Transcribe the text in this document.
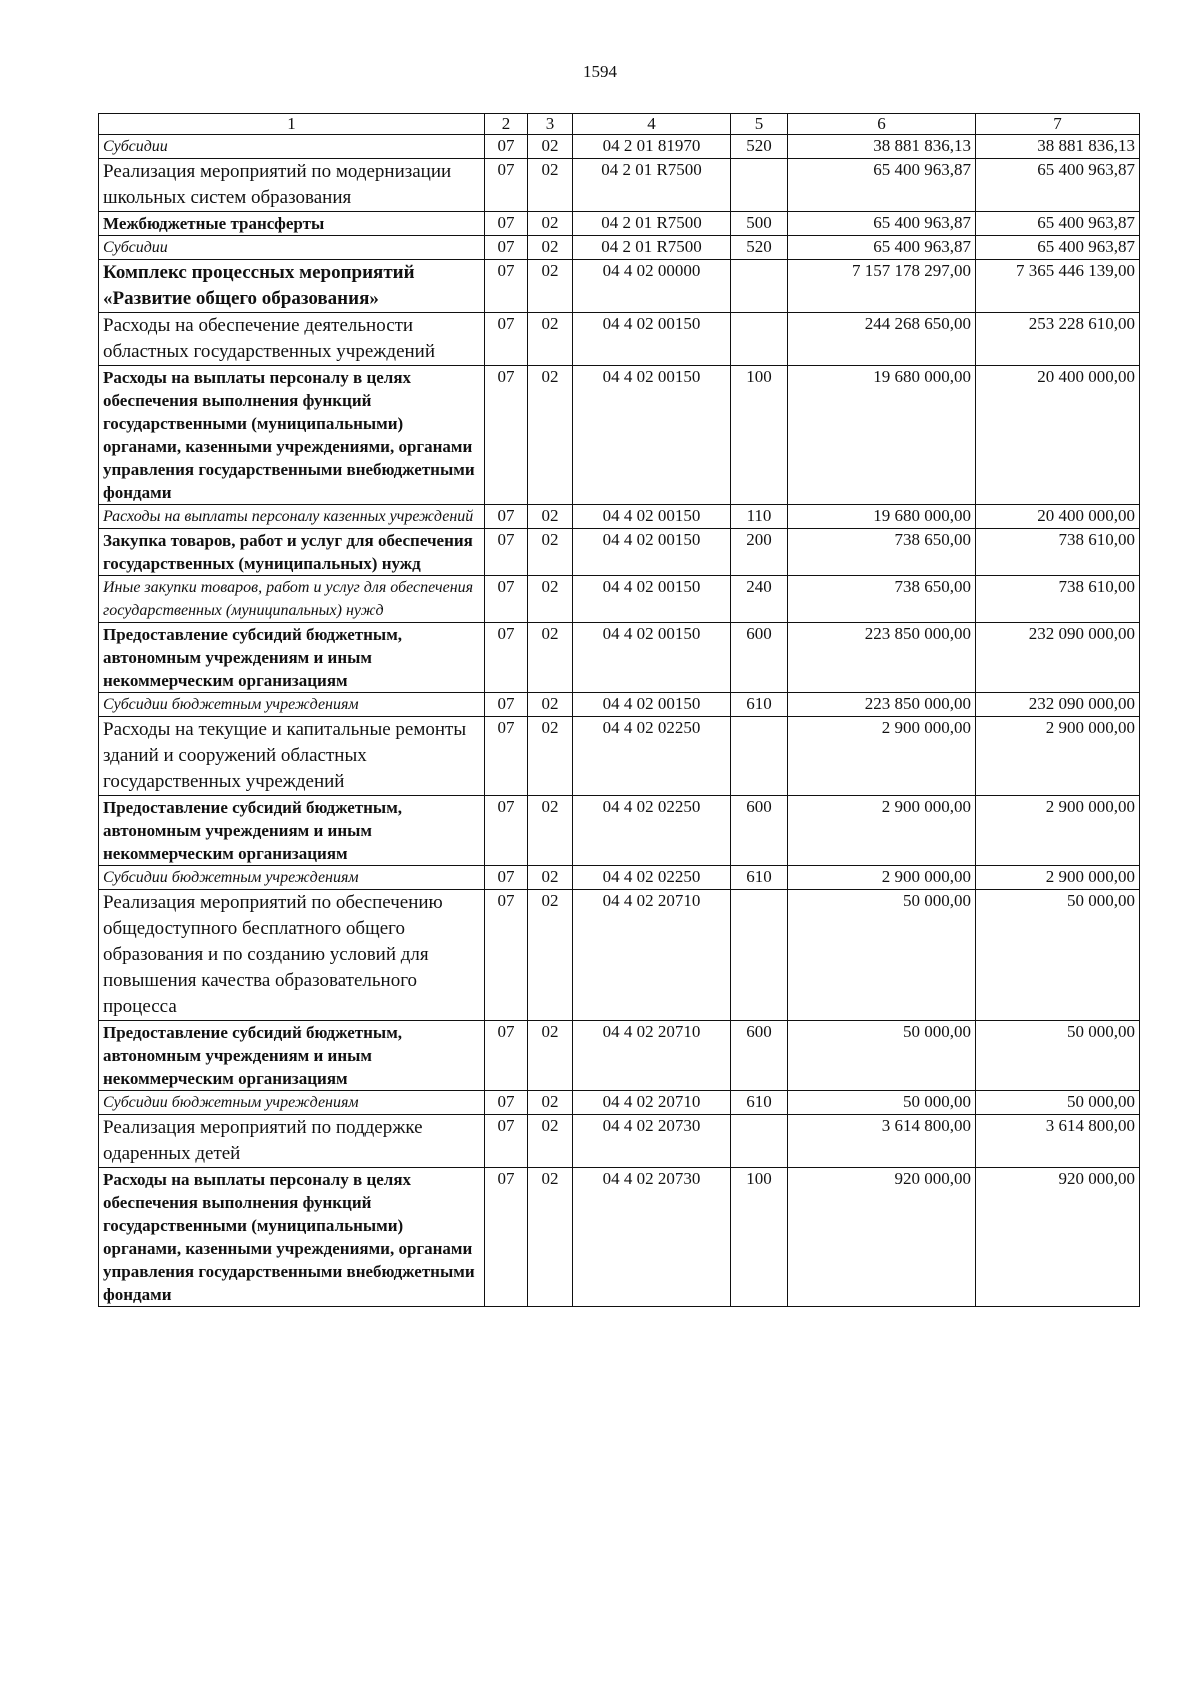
1594
1	2	3	4	5	6	7
Субсидии	07	02	04 2 01 81970	520	38 881 836,13	38 881 836,13
Реализация мероприятий по модернизации школьных систем образования	07	02	04 2 01 R7500		65 400 963,87	65 400 963,87
Межбюджетные трансферты	07	02	04 2 01 R7500	500	65 400 963,87	65 400 963,87
Субсидии	07	02	04 2 01 R7500	520	65 400 963,87	65 400 963,87
Комплекс процессных мероприятий «Развитие общего образования»	07	02	04 4 02 00000		7 157 178 297,00	7 365 446 139,00
Расходы на обеспечение деятельности областных государственных учреждений	07	02	04 4 02 00150		244 268 650,00	253 228 610,00
Расходы на выплаты персоналу в целях обеспечения выполнения функций государственными (муниципальными) органами, казенными учреждениями, органами управления государственными внебюджетными фондами	07	02	04 4 02 00150	100	19 680 000,00	20 400 000,00
Расходы на выплаты персоналу казенных учреждений	07	02	04 4 02 00150	110	19 680 000,00	20 400 000,00
Закупка товаров, работ и услуг для обеспечения государственных (муниципальных) нужд	07	02	04 4 02 00150	200	738 650,00	738 610,00
Иные закупки товаров, работ и услуг для обеспечения государственных (муниципальных) нужд	07	02	04 4 02 00150	240	738 650,00	738 610,00
Предоставление субсидий бюджетным, автономным учреждениям и иным некоммерческим организациям	07	02	04 4 02 00150	600	223 850 000,00	232 090 000,00
Субсидии бюджетным учреждениям	07	02	04 4 02 00150	610	223 850 000,00	232 090 000,00
Расходы на текущие и капитальные ремонты зданий и сооружений областных государственных учреждений	07	02	04 4 02 02250		2 900 000,00	2 900 000,00
Предоставление субсидий бюджетным, автономным учреждениям и иным некоммерческим организациям	07	02	04 4 02 02250	600	2 900 000,00	2 900 000,00
Субсидии бюджетным учреждениям	07	02	04 4 02 02250	610	2 900 000,00	2 900 000,00
Реализация мероприятий по обеспечению общедоступного бесплатного общего образования и по созданию условий для повышения качества образовательного процесса	07	02	04 4 02 20710		50 000,00	50 000,00
Предоставление субсидий бюджетным, автономным учреждениям и иным некоммерческим организациям	07	02	04 4 02 20710	600	50 000,00	50 000,00
Субсидии бюджетным учреждениям	07	02	04 4 02 20710	610	50 000,00	50 000,00
Реализация мероприятий по поддержке одаренных детей	07	02	04 4 02 20730		3 614 800,00	3 614 800,00
Расходы на выплаты персоналу в целях обеспечения выполнения функций государственными (муниципальными) органами, казенными учреждениями, органами управления государственными внебюджетными фондами	07	02	04 4 02 20730	100	920 000,00	920 000,00
